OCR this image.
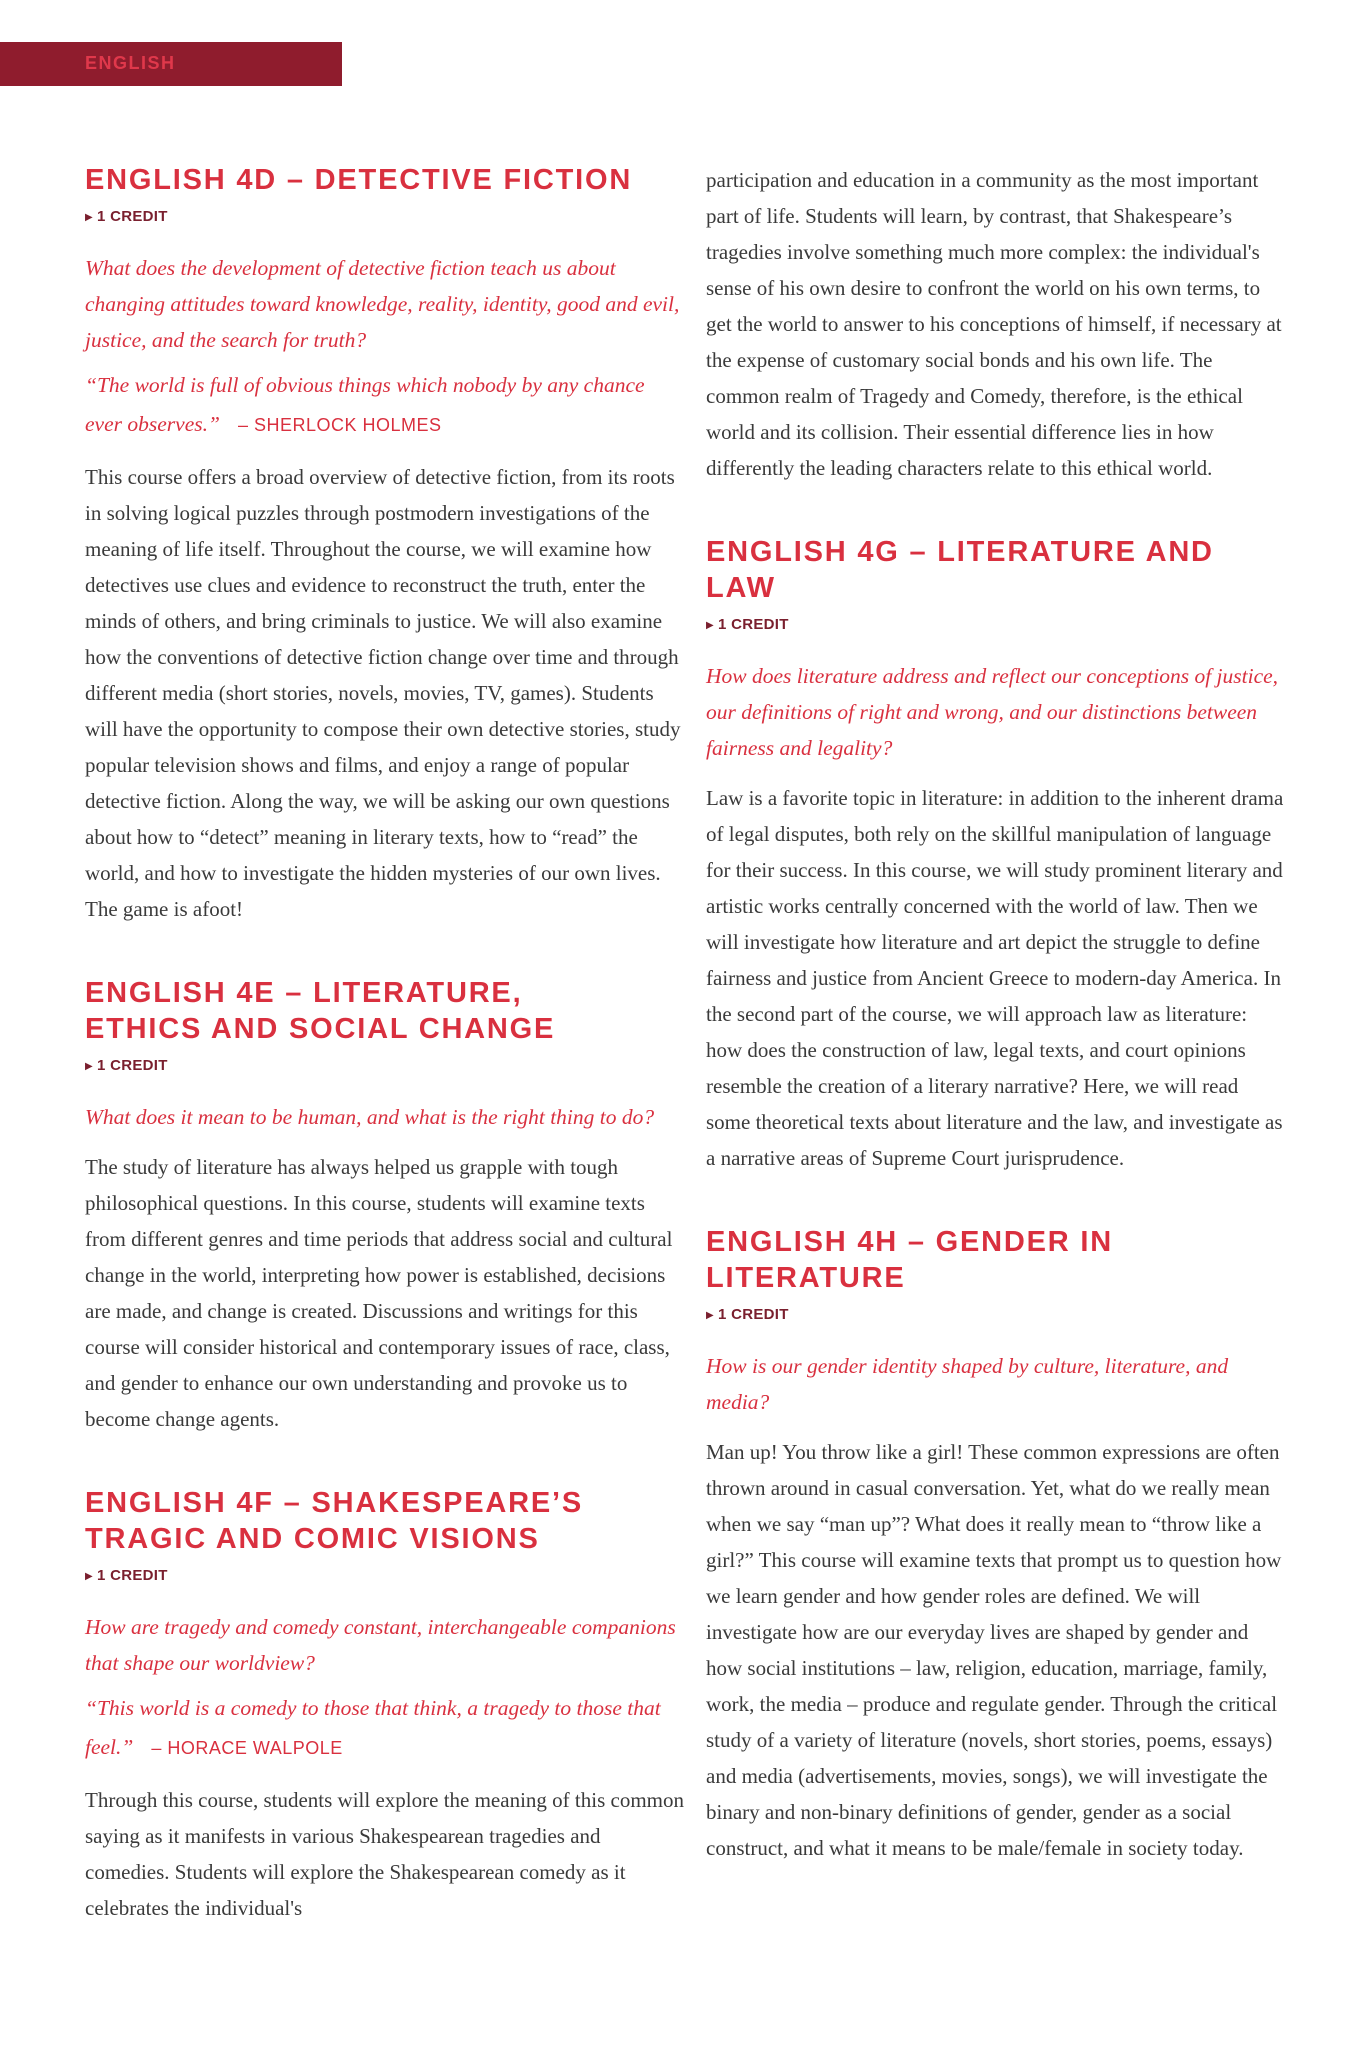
ENGLISH
ENGLISH 4D – DETECTIVE FICTION
▶ 1 CREDIT

What does the development of detective fiction teach us about changing attitudes toward knowledge, reality, identity, good and evil, justice, and the search for truth?

“The world is full of obvious things which nobody by any chance ever observes.” – SHERLOCK HOLMES

This course offers a broad overview of detective fiction, from its roots in solving logical puzzles through postmodern investigations of the meaning of life itself. Throughout the course, we will examine how detectives use clues and evidence to reconstruct the truth, enter the minds of others, and bring criminals to justice. We will also examine how the conventions of detective fiction change over time and through different media (short stories, novels, movies, TV, games). Students will have the opportunity to compose their own detective stories, study popular television shows and films, and enjoy a range of popular detective fiction. Along the way, we will be asking our own questions about how to “detect” meaning in literary texts, how to “read” the world, and how to investigate the hidden mysteries of our own lives. The game is afoot!

ENGLISH 4E – LITERATURE,
ETHICS AND SOCIAL CHANGE
▶ 1 CREDIT

What does it mean to be human, and what is the right thing to do?

The study of literature has always helped us grapple with tough philosophical questions. In this course, students will examine texts from different genres and time periods that address social and cultural change in the world, interpreting how power is established, decisions are made, and change is created. Discussions and writings for this course will consider historical and contemporary issues of race, class, and gender to enhance our own understanding and provoke us to become change agents.

ENGLISH 4F – SHAKESPEARE’S
TRAGIC AND COMIC VISIONS
▶ 1 CREDIT

How are tragedy and comedy constant, interchangeable companions that shape our worldview?

“This world is a comedy to those that think, a tragedy to those that feel.” – HORACE WALPOLE

Through this course, students will explore the meaning of this common saying as it manifests in various Shakespearean tragedies and comedies. Students will explore the Shakespearean comedy as it celebrates the individual's

participation and education in a community as the most important part of life. Students will learn, by contrast, that Shakespeare’s tragedies involve something much more complex: the individual's sense of his own desire to confront the world on his own terms, to get the world to answer to his conceptions of himself, if necessary at the expense of customary social bonds and his own life. The common realm of Tragedy and Comedy, therefore, is the ethical world and its collision. Their essential difference lies in how differently the leading characters relate to this ethical world.

ENGLISH 4G – LITERATURE AND LAW
▶ 1 CREDIT

How does literature address and reflect our conceptions of justice, our definitions of right and wrong, and our distinctions between fairness and legality?

Law is a favorite topic in literature: in addition to the inherent drama of legal disputes, both rely on the skillful manipulation of language for their success. In this course, we will study prominent literary and artistic works centrally concerned with the world of law. Then we will investigate how literature and art depict the struggle to define fairness and justice from Ancient Greece to modern-day America. In the second part of the course, we will approach law as literature: how does the construction of law, legal texts, and court opinions resemble the creation of a literary narrative? Here, we will read some theoretical texts about literature and the law, and investigate as a narrative areas of Supreme Court jurisprudence.

ENGLISH 4H – GENDER IN
LITERATURE
▶ 1 CREDIT

How is our gender identity shaped by culture, literature, and media?

Man up! You throw like a girl! These common expressions are often thrown around in casual conversation. Yet, what do we really mean when we say “man up”? What does it really mean to “throw like a girl?” This course will examine texts that prompt us to question how we learn gender and how gender roles are defined. We will investigate how are our everyday lives are shaped by gender and how social institutions – law, religion, education, marriage, family, work, the media – produce and regulate gender. Through the critical study of a variety of literature (novels, short stories, poems, essays) and media (advertisements, movies, songs), we will investigate the binary and non-binary definitions of gender, gender as a social construct, and what it means to be male/female in society today.
